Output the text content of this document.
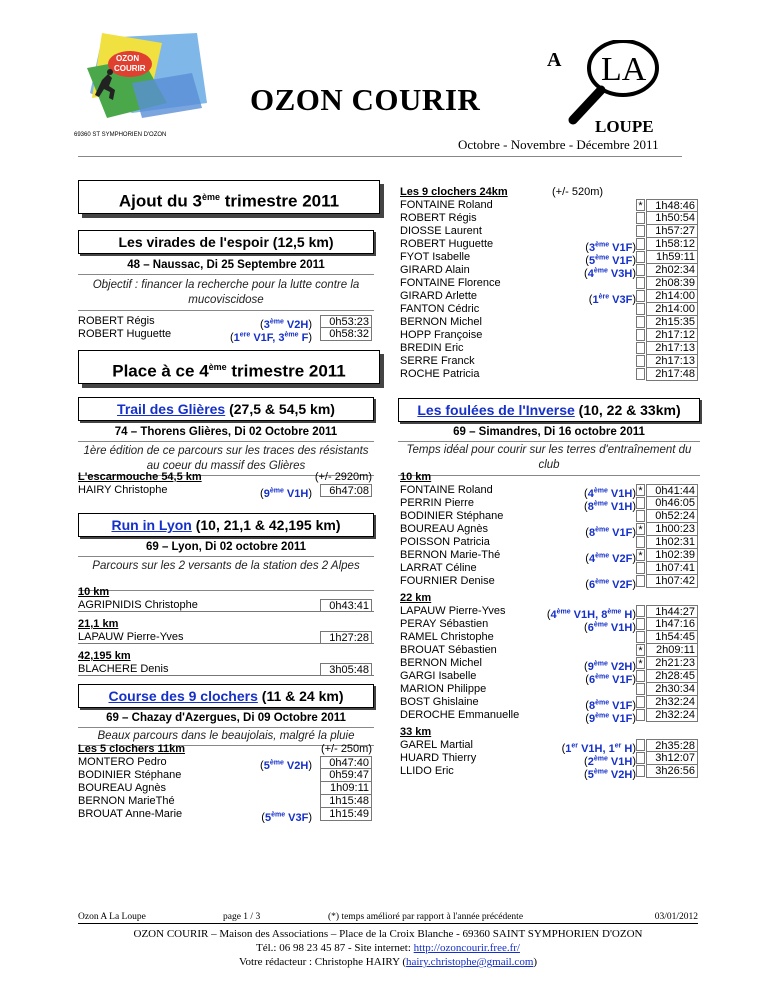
OZON
COURIR
69360 ST SYMPHORIEN D'OZON
OZON COURIR
A LA
LOUPE
Octobre - Novembre - Décembre 2011
Ajout du 3ème trimestre 2011
Les virades de l'espoir (12,5 km)
48 – Naussac, Di 25 Septembre 2011
Objectif : financer la recherche pour la lutte contre la mucoviscidose
ROBERT Régis	(3ème V2H)	0h53:23
ROBERT Huguette	(1ere V1F, 3ème F)	0h58:32
Place à ce 4ème trimestre 2011
Trail des Glières (27,5 & 54,5 km)
74 – Thorens Glières, Di 02 Octobre 2011
1ère édition de ce parcours sur les traces des résistants au coeur du massif des Glières
L'escarmouche 54,5 km	(+/- 2920m)
HAIRY Christophe	(9ème V1H)	6h47:08
Run in Lyon (10, 21,1 & 42,195 km)
69 – Lyon, Di 02 octobre 2011
Parcours sur les 2 versants de la station des 2 Alpes
10 km
AGRIPNIDIS Christophe	0h43:41
21,1 km
LAPAUW Pierre-Yves	1h27:28
42,195 km
BLACHERE Denis	3h05:48
Course des 9 clochers (11 & 24 km)
69 – Chazay d'Azergues, Di 09 Octobre 2011
Beaux parcours dans le beaujolais, malgré la pluie
Les 5 clochers 11km	(+/- 250m)
MONTERO Pedro	(5ème V2H)	0h47:40
BODINIER Stéphane	0h59:47
BOUREAU Agnès	1h09:11
BERNON MarieThé	1h15:48
BROUAT Anne-Marie	(5ème V3F)	1h15:49
Les 9 clochers 24km	(+/- 520m)
FONTAINE Roland	*	1h48:46
ROBERT Régis	1h50:54
DIOSSE Laurent	1h57:27
ROBERT Huguette	(3ème V1F)	1h58:12
FYOT Isabelle	(5ème V1F)	1h59:11
GIRARD Alain	(4ème V3H)	2h02:34
FONTAINE Florence	2h08:39
GIRARD Arlette	(1ère V3F)	2h14:00
FANTON Cédric	2h14:00
BERNON Michel	2h15:35
HOPP Françoise	2h17:12
BREDIN Eric	2h17:13
SERRE Franck	2h17:13
ROCHE Patricia	2h17:48
Les foulées de l'Inverse (10, 22 & 33km)
69 – Simandres, Di 16 octobre 2011
Temps idéal pour courir sur les terres d'entraînement du club
10 km
FONTAINE Roland	(4ème V1H) *	0h41:44
PERRIN Pierre	(8ème V1H)	0h46:05
BODINIER Stéphane	0h52:24
BOUREAU Agnès	(8ème V1F) *	1h00:23
POISSON Patricia	1h02:31
BERNON Marie-Thé	(4ème V2F) *	1h02:39
LARRAT Céline	1h07:41
FOURNIER Denise	(6ème V2F)	1h07:42
22 km
LAPAUW Pierre-Yves	(4ème V1H, 8ème H)	1h44:27
PERAY Sébastien	(6ème V1H)	1h47:16
RAMEL Christophe	1h54:45
BROUAT Sébastien	*	2h09:11
BERNON Michel	(9ème V2H) *	2h21:23
GARGI Isabelle	(6ème V1F)	2h28:45
MARION Philippe	2h30:34
BOST Ghislaine	(8ème V1F)	2h32:24
DEROCHE Emmanuelle	(9ème V1F)	2h32:24
33 km
GAREL Martial	(1er V1H, 1er H)	2h35:28
HUARD Thierry	(2ème V1H)	3h12:07
LLIDO Eric	(5ème V2H)	3h26:56
Ozon A La Loupe	page 1 / 3	(*) temps amélioré par rapport à l'année précédente	03/01/2012
OZON COURIR – Maison des Associations – Place de la Croix Blanche - 69360 SAINT SYMPHORIEN D'OZON
Tél.: 06 98 23 45 87 - Site internet: http://ozoncourir.free.fr/
Votre rédacteur : Christophe HAIRY (hairy.christophe@gmail.com)
